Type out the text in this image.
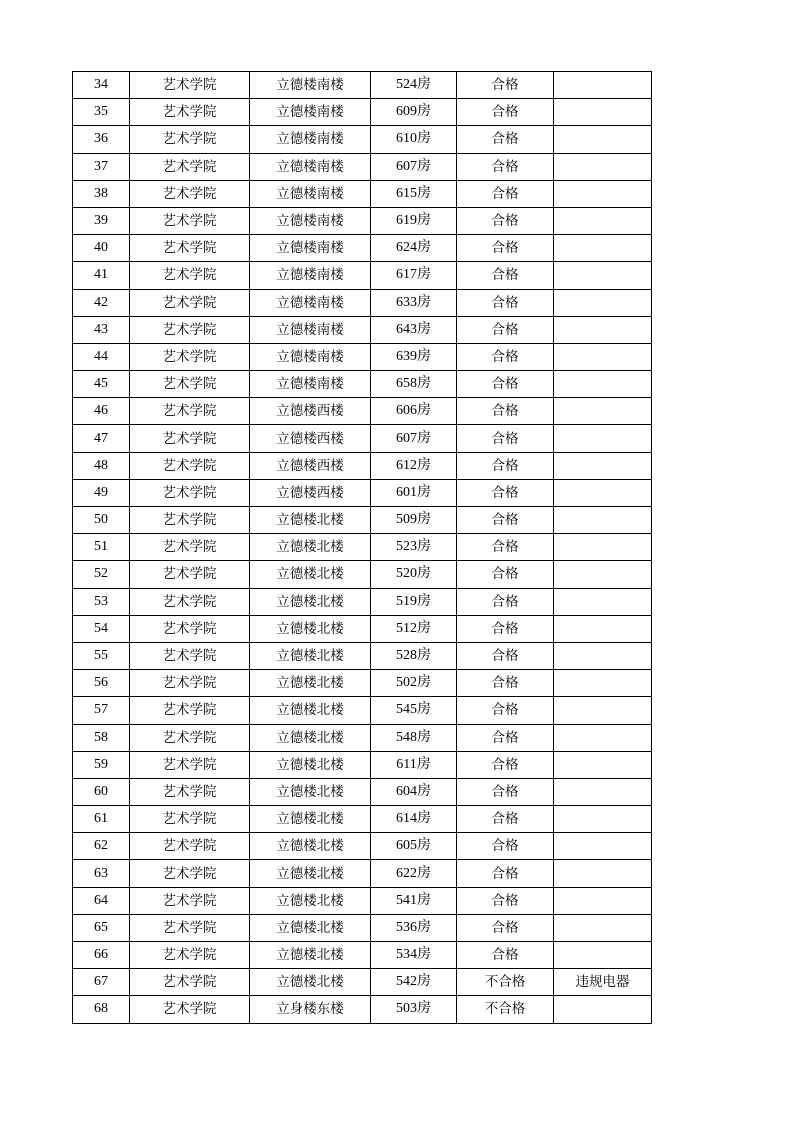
34	艺术学院	立德楼南楼	524房	合格	
35	艺术学院	立德楼南楼	609房	合格	
36	艺术学院	立德楼南楼	610房	合格	
37	艺术学院	立德楼南楼	607房	合格	
38	艺术学院	立德楼南楼	615房	合格	
39	艺术学院	立德楼南楼	619房	合格	
40	艺术学院	立德楼南楼	624房	合格	
41	艺术学院	立德楼南楼	617房	合格	
42	艺术学院	立德楼南楼	633房	合格	
43	艺术学院	立德楼南楼	643房	合格	
44	艺术学院	立德楼南楼	639房	合格	
45	艺术学院	立德楼南楼	658房	合格	
46	艺术学院	立德楼西楼	606房	合格	
47	艺术学院	立德楼西楼	607房	合格	
48	艺术学院	立德楼西楼	612房	合格	
49	艺术学院	立德楼西楼	601房	合格	
50	艺术学院	立德楼北楼	509房	合格	
51	艺术学院	立德楼北楼	523房	合格	
52	艺术学院	立德楼北楼	520房	合格	
53	艺术学院	立德楼北楼	519房	合格	
54	艺术学院	立德楼北楼	512房	合格	
55	艺术学院	立德楼北楼	528房	合格	
56	艺术学院	立德楼北楼	502房	合格	
57	艺术学院	立德楼北楼	545房	合格	
58	艺术学院	立德楼北楼	548房	合格	
59	艺术学院	立德楼北楼	611房	合格	
60	艺术学院	立德楼北楼	604房	合格	
61	艺术学院	立德楼北楼	614房	合格	
62	艺术学院	立德楼北楼	605房	合格	
63	艺术学院	立德楼北楼	622房	合格	
64	艺术学院	立德楼北楼	541房	合格	
65	艺术学院	立德楼北楼	536房	合格	
66	艺术学院	立德楼北楼	534房	合格	
67	艺术学院	立德楼北楼	542房	不合格	违规电器
68	艺术学院	立身楼东楼	503房	不合格	
